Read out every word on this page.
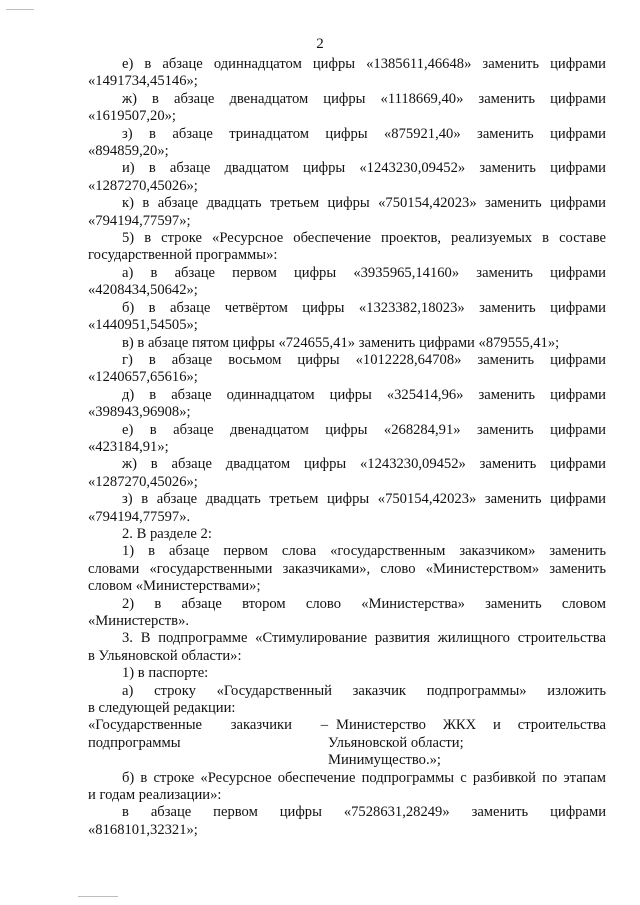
2
е) в абзаце одиннадцатом цифры «1385611,46648» заменить цифрами
«1491734,45146»;
ж) в абзаце двенадцатом цифры «1118669,40» заменить цифрами
«1619507,20»;
з) в абзаце тринадцатом цифры «875921,40» заменить цифрами
«894859,20»;
и) в абзаце двадцатом цифры «1243230,09452» заменить цифрами
«1287270,45026»;
к) в абзаце двадцать третьем цифры «750154,42023» заменить цифрами
«794194,77597»;
5) в строке «Ресурсное обеспечение проектов, реализуемых в составе
государственной программы»:
а) в абзаце первом цифры «3935965,14160» заменить цифрами
«4208434,50642»;
б) в абзаце четвёртом цифры «1323382,18023» заменить цифрами
«1440951,54505»;
в) в абзаце пятом цифры «724655,41» заменить цифрами «879555,41»;
г) в абзаце восьмом цифры «1012228,64708» заменить цифрами
«1240657,65616»;
д) в абзаце одиннадцатом цифры «325414,96» заменить цифрами
«398943,96908»;
е) в абзаце двенадцатом цифры «268284,91» заменить цифрами
«423184,91»;
ж) в абзаце двадцатом цифры «1243230,09452» заменить цифрами
«1287270,45026»;
з) в абзаце двадцать третьем цифры «750154,42023» заменить цифрами
«794194,77597».
2. В разделе 2:
1) в абзаце первом слова «государственным заказчиком» заменить
словами «государственными заказчиками», слово «Министерством» заменить
словом «Министерствами»;
2) в абзаце втором слово «Министерства» заменить словом
«Министерств».
3. В подпрограмме «Стимулирование развития жилищного строительства
в Ульяновской области»:
1) в паспорте:
а) строку «Государственный заказчик подпрограммы» изложить
в следующей редакции:
«Государственные заказчики –
подпрограммы
Министерство ЖКХ и строительства
Ульяновской области;
Минимущество.»;
б) в строке «Ресурсное обеспечение подпрограммы с разбивкой по этапам
и годам реализации»:
в абзаце первом цифры «7528631,28249» заменить цифрами
«8168101,32321»;
